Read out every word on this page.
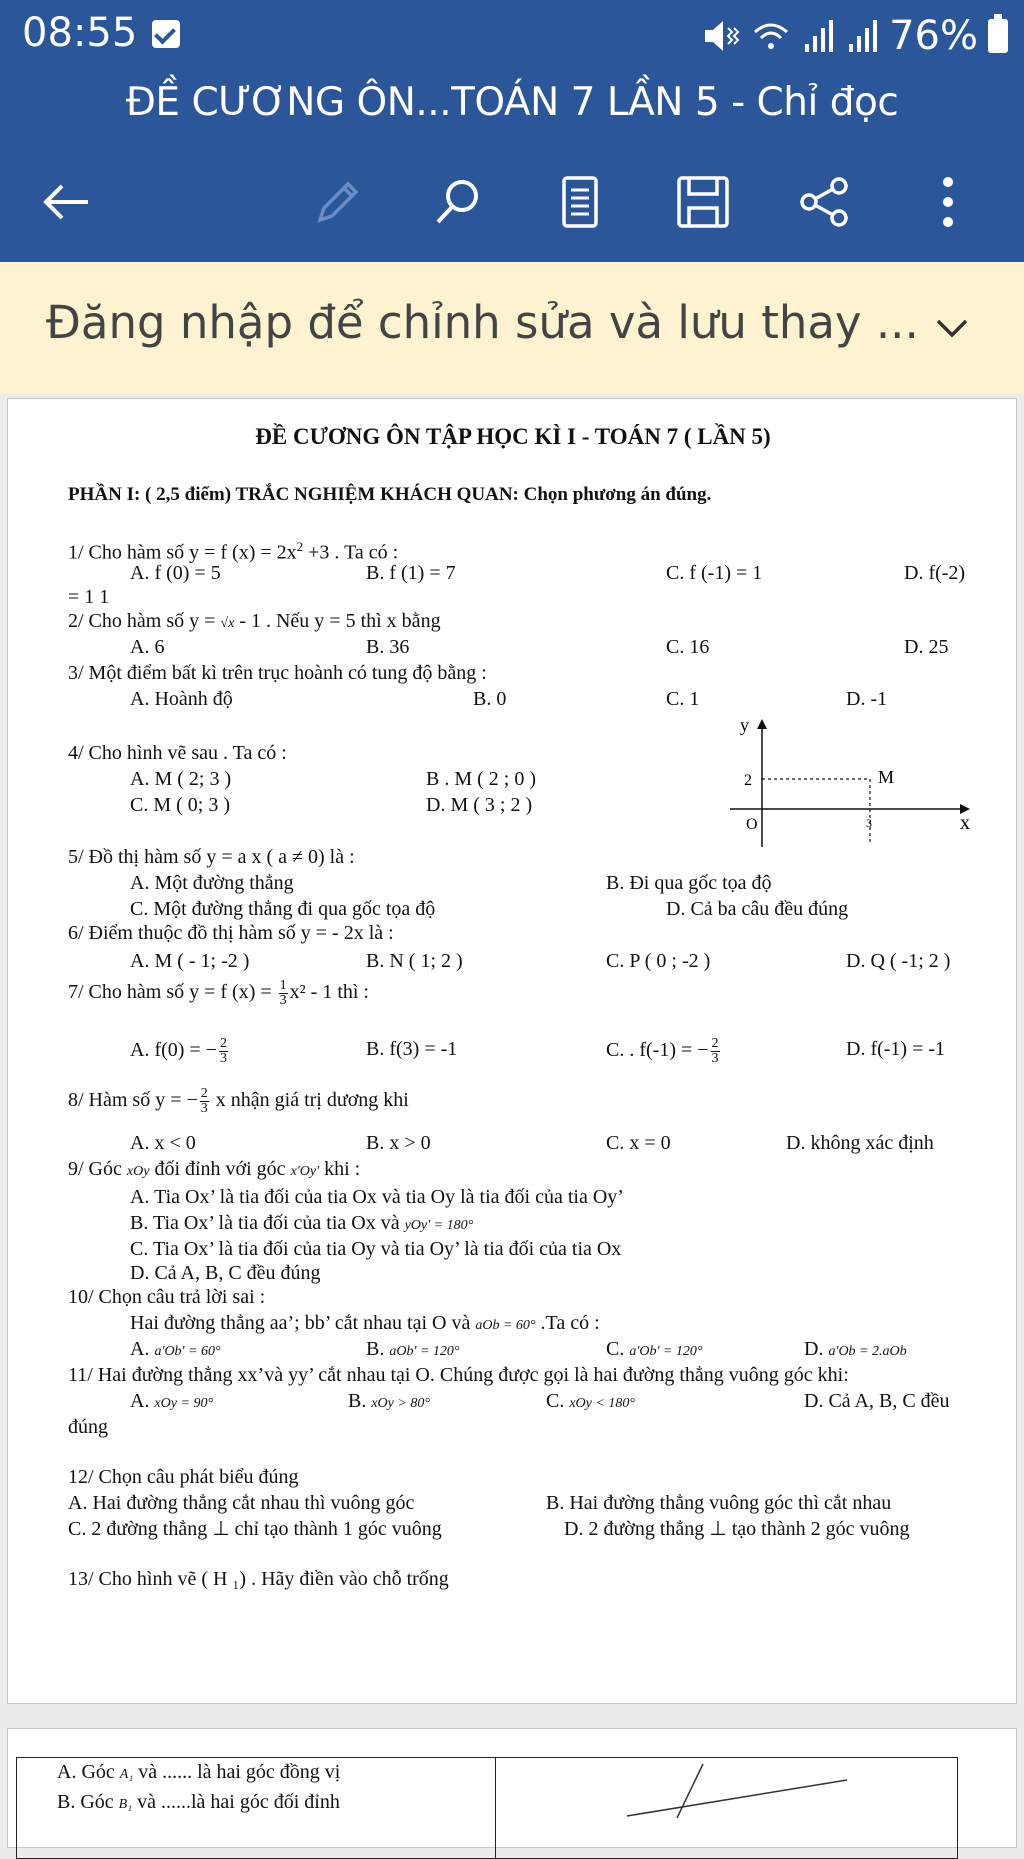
08:55	76%
ĐỀ CƯƠNG ÔN...TOÁN 7 LẦN 5 - Chỉ đọc
Đăng nhập để chỉnh sửa và lưu thay ...
ĐỀ CƯƠNG ÔN TẬP HỌC KÌ I - TOÁN 7 ( LẦN 5)
PHẦN I: ( 2,5 điểm) TRẮC NGHIỆM KHÁCH QUAN: Chọn phương án đúng.
1/ Cho hàm số y = f $(x) = 2x^2 +3$ . Ta có :
A. f (0) = 5	B. f (1) = 7	C. f (-1) = 1	D. f(-2)
= 1 1
2/ Cho hàm số y = √x - 1 . Nếu y = 5 thì x bằng
A. 6	B. 36	C. 16	D. 25
3/ Một điểm bất kì trên trục hoành có tung độ bằng :
A. Hoành độ	B. 0	C. 1	D. -1
4/ Cho hình vẽ sau . Ta có :
A. M ( 2; 3 )	B . M ( 2 ; 0 )
C. M ( 0; 3 )	D. M ( 3 ; 2 )
y
x
O
2
3
M
5/ Đồ thị hàm số y = a x ( a ≠ 0) là :
A. Một đường thẳng	B. Đi qua gốc tọa độ
C. Một đường thẳng đi qua gốc tọa độ	D. Cả ba câu đều đúng
6/ Điểm thuộc đồ thị hàm số y = - 2x là :
A. M ( - 1; -2 )	B. N ( 1; 2 )	C. P ( 0 ; -2 )	D. Q ( -1; 2 )
7/ Cho hàm số y = f $(x) = \frac{1}{3} x^2 - 1$ thì :
A. f(0) = − $\frac{2}{3}$	B. f(3) = -1	C. . f(-1) = − $\frac{2}{3}$	D. f(-1) = -1
8/ Hàm số y = − $\frac{2}{3}$ x nhận giá trị dương khi
A. x < 0	B. x > 0	C. x = 0	D. không xác định
9/ Góc xOy đối đỉnh với góc x'Oy' khi :
A. Tia Ox’ là tia đối của tia Ox và tia Oy là tia đối của tia Oy’
B. Tia Ox’ là tia đối của tia Ox và yOy' = 180°
C. Tia Ox’ là tia đối của tia Oy và tia Oy’ là tia đối của tia Ox
D. Cả A, B, C đều đúng
10/ Chọn câu trả lời sai :
Hai đường thẳng aa’; bb’ cắt nhau tại O và aOb = 60° .Ta có :
A. a'Ob' = 60°	B. aOb' = 120°	C. a'Ob' = 120°	D. a'Ob = 2.aOb
11/ Hai đường thẳng xx’và yy’ cắt nhau tại O. Chúng được gọi là hai đường thẳng vuông góc khi:
A. xOy = 90°	B. xOy > 80°	C. xOy < 180°	D. Cả A, B, C đều
đúng
12/ Chọn câu phát biểu đúng
A. Hai đường thẳng cắt nhau thì vuông góc	B. Hai đường thẳng vuông góc thì cắt nhau
C. 2 đường thẳng ⊥ chỉ tạo thành 1 góc vuông	D. 2 đường thẳng ⊥ tạo thành 2 góc vuông
13/ Cho hình vẽ ( H ₁) . Hãy điền vào chỗ trống
A. Góc A₁ và ...... là hai góc đồng vị
B. Góc B₁ và ......là hai góc đối đỉnh
